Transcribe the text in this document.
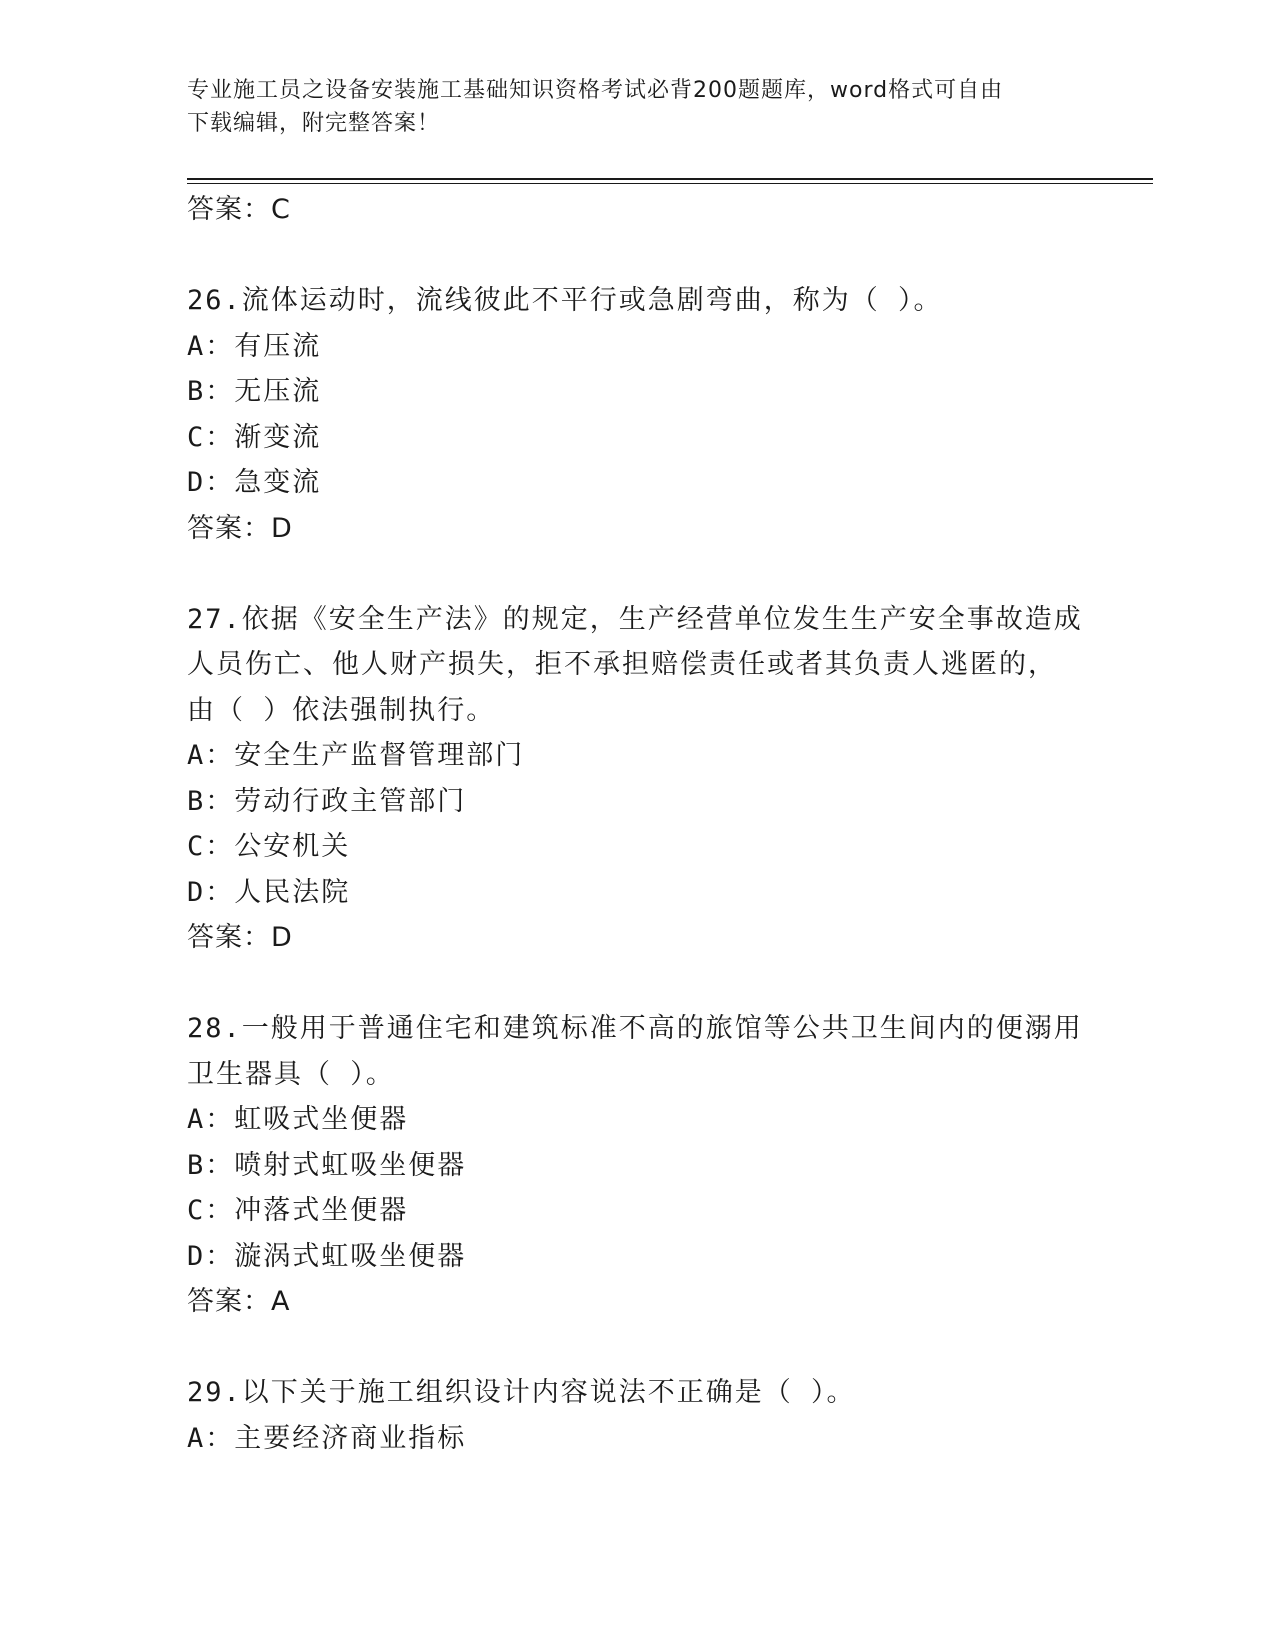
专业施工员之设备安装施工基础知识资格考试必背200题题库，word格式可自由
下载编辑，附完整答案！

答案：C

26.流体运动时，流线彼此不平行或急剧弯曲，称为（ ）。

A：有压流

B：无压流

C：渐变流

D：急变流

答案：D

27.依据《安全生产法》的规定，生产经营单位发生生产安全事故造成

人员伤亡、他人财产损失，拒不承担赔偿责任或者其负责人逃匿的，

由（ ）依法强制执行。

A：安全生产监督管理部门

B：劳动行政主管部门

C：公安机关

D：人民法院

答案：D

28.一般用于普通住宅和建筑标准不高的旅馆等公共卫生间内的便溺用

卫生器具（ ）。

A：虹吸式坐便器

B：喷射式虹吸坐便器

C：冲落式坐便器

D：漩涡式虹吸坐便器

答案：A

29.以下关于施工组织设计内容说法不正确是（ ）。

A：主要经济商业指标
